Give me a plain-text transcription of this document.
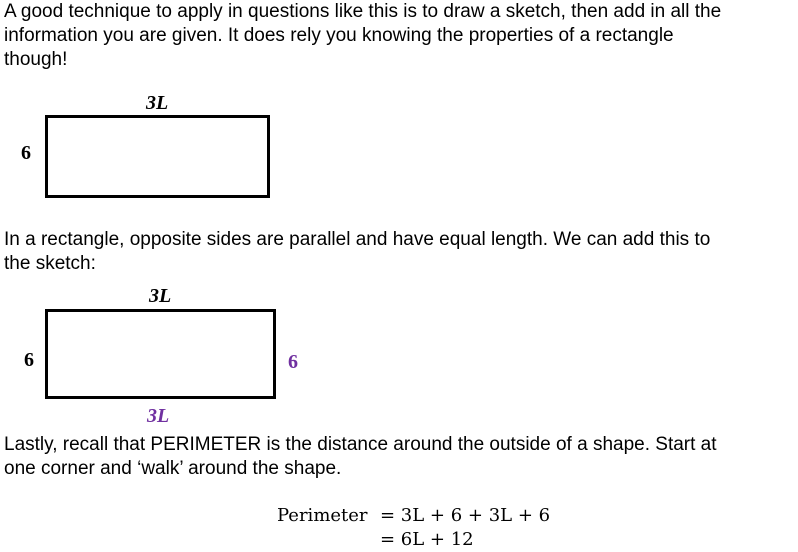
A good technique to apply in questions like this is to draw a sketch, then add in all the
information you are given. It does rely you knowing the properties of a rectangle
though!
3L
6
In a rectangle, opposite sides are parallel and have equal length. We can add this to
the sketch:
3L
6	6
3L
Lastly, recall that PERIMETER is the distance around the outside of a shape. Start at
one corner and ‘walk’ around the shape.
Perimeter = 3L + 6 + 3L + 6
= 6L + 12
